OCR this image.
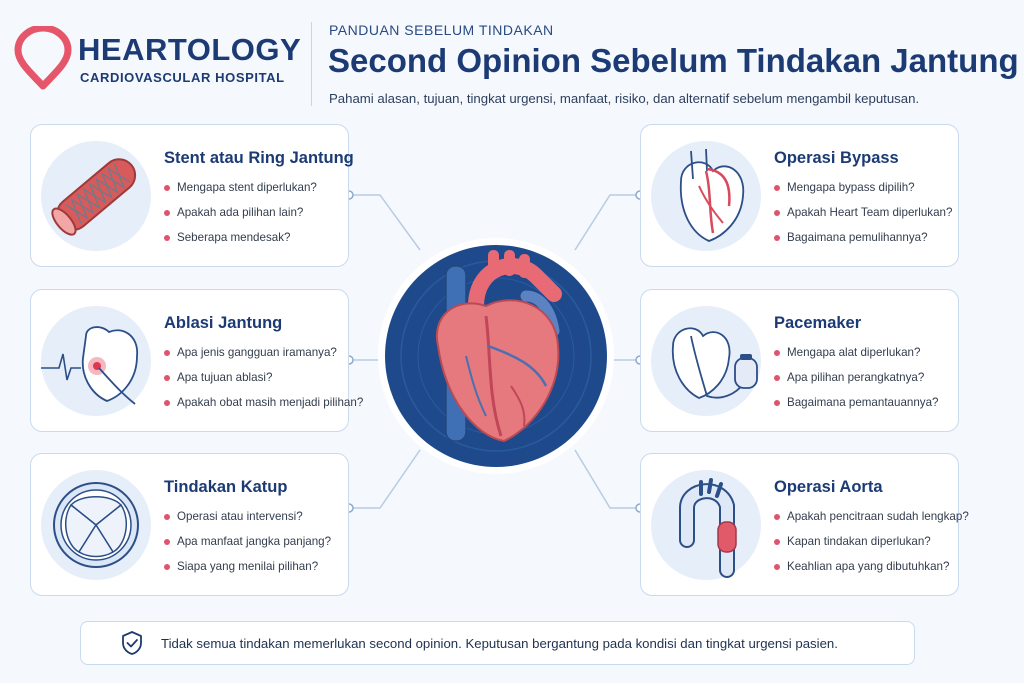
HEARTOLOGY
CARDIOVASCULAR HOSPITAL
PANDUAN SEBELUM TINDAKAN
Second Opinion Sebelum Tindakan Jantung
Pahami alasan, tujuan, tingkat urgensi, manfaat, risiko, dan alternatif sebelum mengambil keputusan.
Stent atau Ring Jantung
Mengapa stent diperlukan?
Apakah ada pilihan lain?
Seberapa mendesak?
Ablasi Jantung
Apa jenis gangguan iramanya?
Apa tujuan ablasi?
Apakah obat masih menjadi pilihan?
Tindakan Katup
Operasi atau intervensi?
Apa manfaat jangka panjang?
Siapa yang menilai pilihan?
Operasi Bypass
Mengapa bypass dipilih?
Apakah Heart Team diperlukan?
Bagaimana pemulihannya?
Pacemaker
Mengapa alat diperlukan?
Apa pilihan perangkatnya?
Bagaimana pemantauannya?
Operasi Aorta
Apakah pencitraan sudah lengkap?
Kapan tindakan diperlukan?
Keahlian apa yang dibutuhkan?
Tidak semua tindakan memerlukan second opinion. Keputusan bergantung pada kondisi dan tingkat urgensi pasien.
